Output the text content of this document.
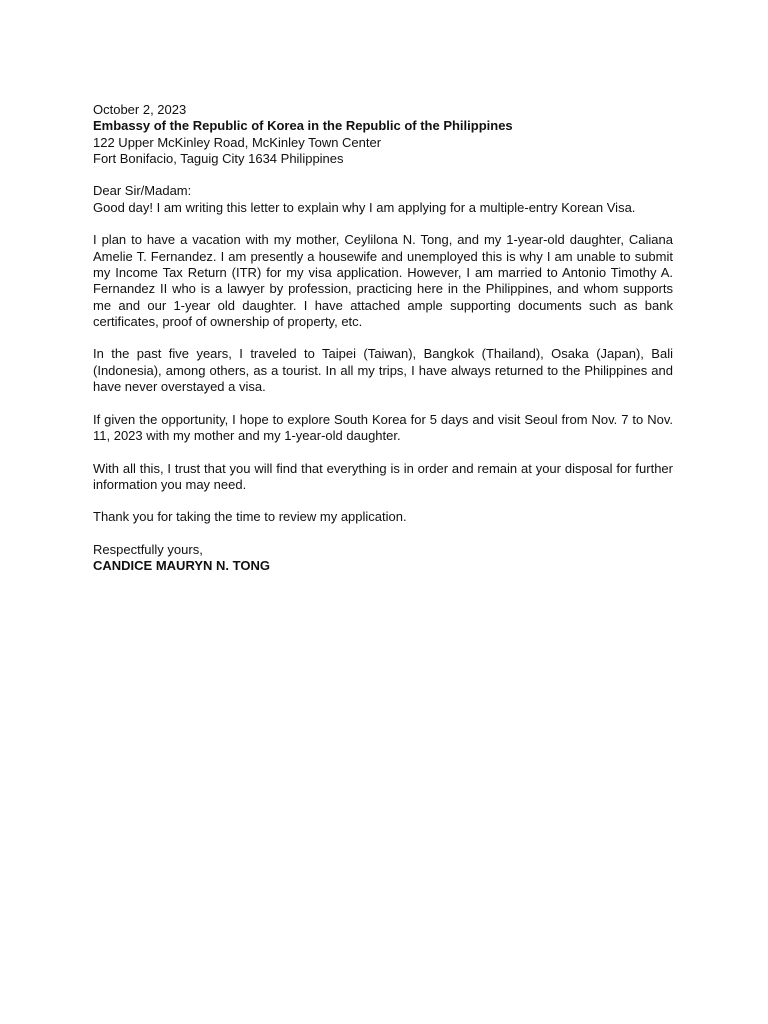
October 2, 2023

Embassy of the Republic of Korea in the Republic of the Philippines
122 Upper McKinley Road, McKinley Town Center
Fort Bonifacio, Taguig City 1634 Philippines

Dear Sir/Madam:

Good day! I am writing this letter to explain why I am applying for a multiple-entry Korean Visa.

I plan to have a vacation with my mother, Ceylilona N. Tong, and my 1-year-old daughter, Caliana Amelie T. Fernandez. I am presently a housewife and unemployed this is why I am unable to submit my Income Tax Return (ITR) for my visa application. However, I am married to Antonio Timothy A. Fernandez II who is a lawyer by profession, practicing here in the Philippines, and whom supports me and our 1-year old daughter. I have attached ample supporting documents such as bank certificates, proof of ownership of property, etc.

In the past five years, I traveled to Taipei (Taiwan), Bangkok (Thailand), Osaka (Japan), Bali (Indonesia), among others, as a tourist. In all my trips, I have always returned to the Philippines and have never overstayed a visa.

If given the opportunity, I hope to explore South Korea for 5 days and visit Seoul from Nov. 7 to Nov. 11, 2023 with my mother and my 1-year-old daughter.

With all this, I trust that you will find that everything is in order and remain at your disposal for further information you may need.

Thank you for taking the time to review my application.

Respectfully yours,

CANDICE MAURYN N. TONG
